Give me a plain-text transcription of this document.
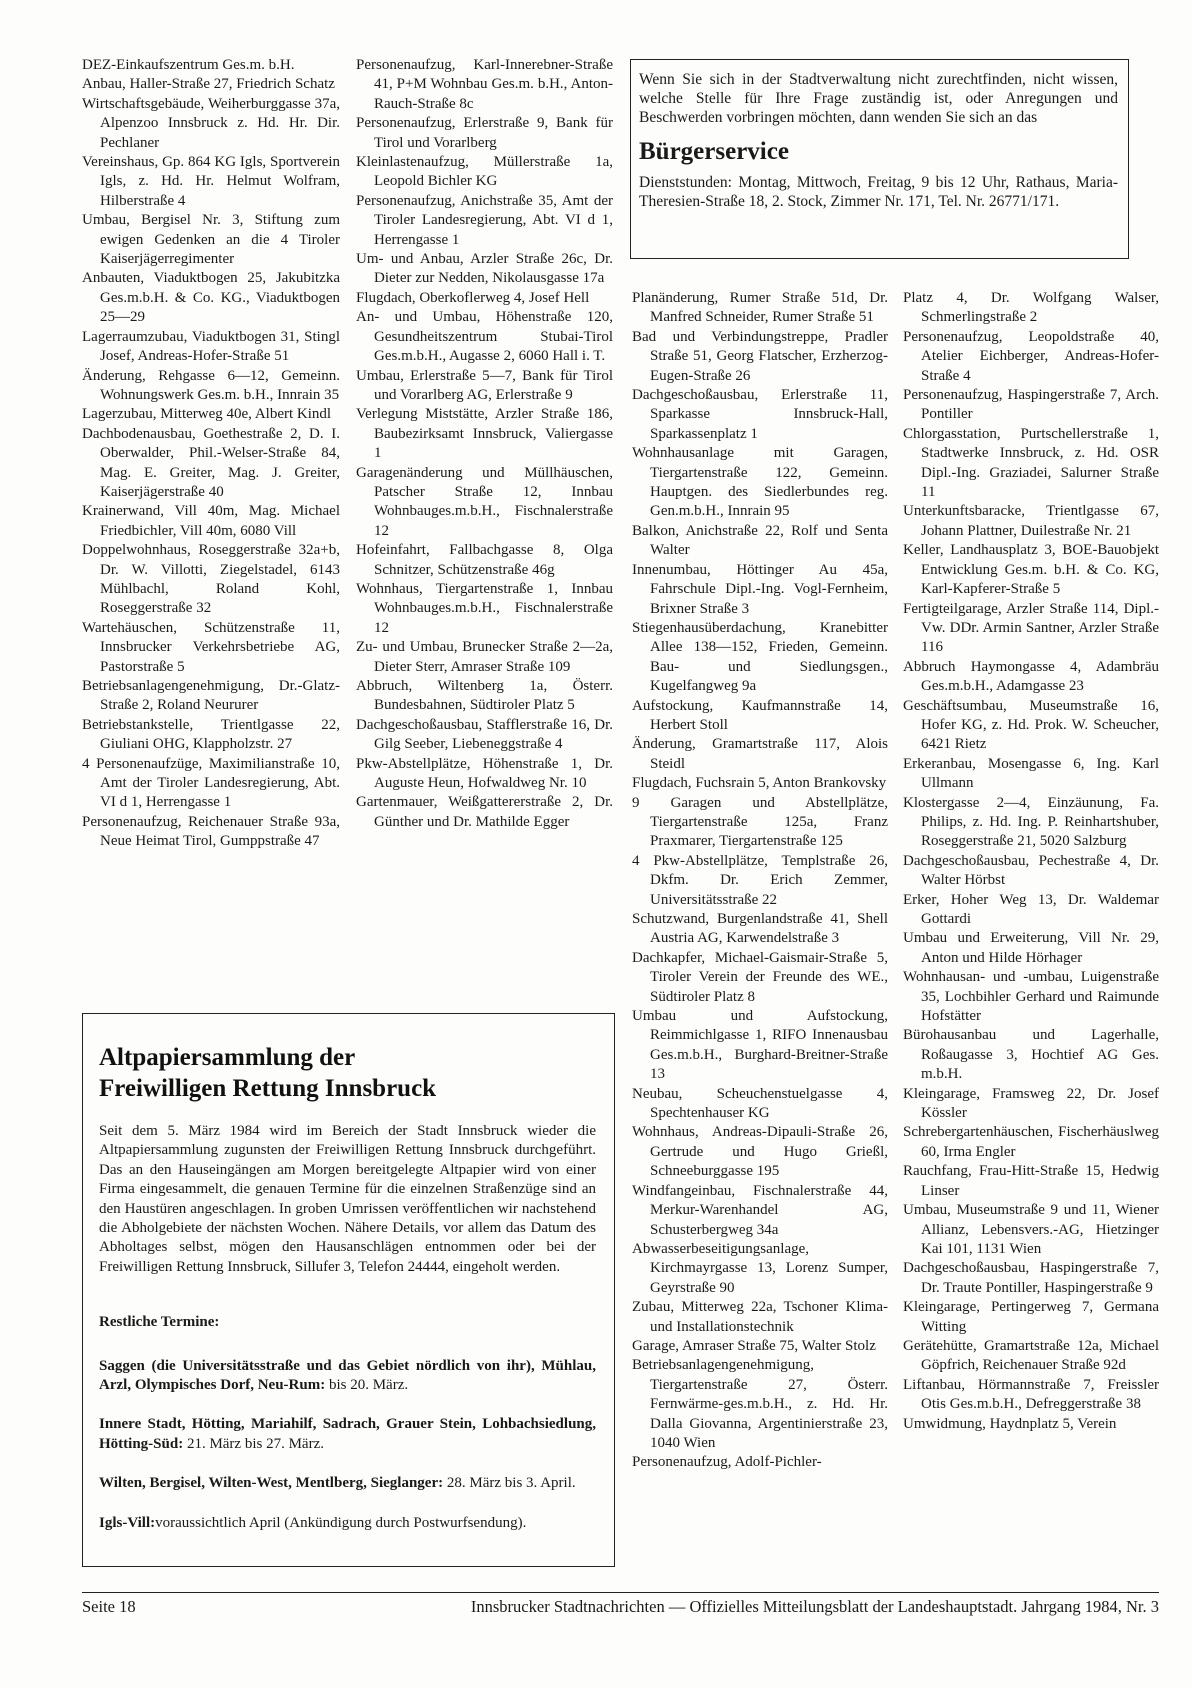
DEZ-Einkaufszentrum Ges.m. b.H.

Anbau, Haller-Straße 27, Friedrich Schatz

Wirtschaftsgebäude, Weiherburggasse 37a, Alpenzoo Innsbruck z. Hd. Hr. Dir. Pechlaner

Vereinshaus, Gp. 864 KG Igls, Sportverein Igls, z. Hd. Hr. Helmut Wolfram, Hilberstraße 4

Umbau, Bergisel Nr. 3, Stiftung zum ewigen Gedenken an die 4 Tiroler Kaiserjägerregimenter

Anbauten, Viaduktbogen 25, Jakubitzka Ges.m.b.H. & Co. KG., Viaduktbogen 25—29

Lagerraumzubau, Viaduktbogen 31, Stingl Josef, Andreas-Hofer-Straße 51

Änderung, Rehgasse 6—12, Gemeinn. Wohnungswerk Ges.m. b.H., Innrain 35

Lagerzubau, Mitterweg 40e, Albert Kindl

Dachbodenausbau, Goethestraße 2, D. I. Oberwalder, Phil.-Welser-Straße 84, Mag. E. Greiter, Mag. J. Greiter, Kaiserjägerstraße 40

Krainerwand, Vill 40m, Mag. Michael Friedbichler, Vill 40m, 6080 Vill

Doppelwohnhaus, Roseggerstraße 32a+b, Dr. W. Villotti, Ziegelstadel, 6143 Mühlbachl, Roland Kohl, Roseggerstraße 32

Wartehäuschen, Schützenstraße 11, Innsbrucker Verkehrsbetriebe AG, Pastorstraße 5

Betriebsanlagengenehmigung, Dr.-Glatz-Straße 2, Roland Neururer

Betriebstankstelle, Trientlgasse 22, Giuliani OHG, Klappholzstr. 27

4 Personenaufzüge, Maximilianstraße 10, Amt der Tiroler Landesregierung, Abt. VI d 1, Herrengasse 1

Personenaufzug, Reichenauer Straße 93a, Neue Heimat Tirol, Gumppstraße 47

Personenaufzug, Karl-Innerebner-Straße 41, P+M Wohnbau Ges.m. b.H., Anton-Rauch-Straße 8c

Personenaufzug, Erlerstraße 9, Bank für Tirol und Vorarlberg

Kleinlastenaufzug, Müllerstraße 1a, Leopold Bichler KG

Personenaufzug, Anichstraße 35, Amt der Tiroler Landesregierung, Abt. VI d 1, Herrengasse 1

Um- und Anbau, Arzler Straße 26c, Dr. Dieter zur Nedden, Nikolausgasse 17a

Flugdach, Oberkoflerweg 4, Josef Hell

An- und Umbau, Höhenstraße 120, Gesundheitszentrum Stubai-Tirol Ges.m.b.H., Augasse 2, 6060 Hall i. T.

Umbau, Erlerstraße 5—7, Bank für Tirol und Vorarlberg AG, Erlerstraße 9

Verlegung Miststätte, Arzler Straße 186, Baubezirksamt Innsbruck, Valiergasse 1

Garagenänderung und Müllhäuschen, Patscher Straße 12, Innbau Wohnbauges.m.b.H., Fischnalerstraße 12

Hofeinfahrt, Fallbachgasse 8, Olga Schnitzer, Schützenstraße 46g

Wohnhaus, Tiergartenstraße 1, Innbau Wohnbauges.m.b.H., Fischnalerstraße 12

Zu- und Umbau, Brunecker Straße 2—2a, Dieter Sterr, Amraser Straße 109

Abbruch, Wiltenberg 1a, Österr. Bundesbahnen, Südtiroler Platz 5

Dachgeschoßausbau, Stafflerstraße 16, Dr. Gilg Seeber, Liebeneggstraße 4

Pkw-Abstellplätze, Höhenstraße 1, Dr. Auguste Heun, Hofwaldweg Nr. 10

Gartenmauer, Weißgattererstraße 2, Dr. Günther und Dr. Mathilde Egger

Wenn Sie sich in der Stadtverwaltung nicht zurechtfinden, nicht wissen, welche Stelle für Ihre Frage zuständig ist, oder Anregungen und Beschwerden vorbringen möchten, dann wenden Sie sich an das

Bürgerservice

Dienststunden: Montag, Mittwoch, Freitag, 9 bis 12 Uhr, Rathaus, Maria-Theresien-Straße 18, 2. Stock, Zimmer Nr. 171, Tel. Nr. 26771/171.

Planänderung, Rumer Straße 51d, Dr. Manfred Schneider, Rumer Straße 51

Bad und Verbindungstreppe, Pradler Straße 51, Georg Flatscher, Erzherzog-Eugen-Straße 26

Dachgeschoßausbau, Erlerstraße 11, Sparkasse Innsbruck-Hall, Sparkassenplatz 1

Wohnhausanlage mit Garagen, Tiergartenstraße 122, Gemeinn. Hauptgen. des Siedlerbundes reg. Gen.m.b.H., Innrain 95

Balkon, Anichstraße 22, Rolf und Senta Walter

Innenumbau, Höttinger Au 45a, Fahrschule Dipl.-Ing. Vogl-Fernheim, Brixner Straße 3

Stiegenhausüberdachung, Kranebitter Allee 138—152, Frieden, Gemeinn. Bau- und Siedlungsgen., Kugelfangweg 9a

Aufstockung, Kaufmannstraße 14, Herbert Stoll

Änderung, Gramartstraße 117, Alois Steidl

Flugdach, Fuchsrain 5, Anton Brankovsky

9 Garagen und Abstellplätze, Tiergartenstraße 125a, Franz Praxmarer, Tiergartenstraße 125

4 Pkw-Abstellplätze, Templstraße 26, Dkfm. Dr. Erich Zemmer, Universitätsstraße 22

Schutzwand, Burgenlandstraße 41, Shell Austria AG, Karwendelstraße 3

Dachkapfer, Michael-Gaismair-Straße 5, Tiroler Verein der Freunde des WE., Südtiroler Platz 8

Umbau und Aufstockung, Reimmichlgasse 1, RIFO Innenausbau Ges.m.b.H., Burghard-Breitner-Straße 13

Neubau, Scheuchenstuelgasse 4, Spechtenhauser KG

Wohnhaus, Andreas-Dipauli-Straße 26, Gertrude und Hugo Grießl, Schneeburggasse 195

Windfangeinbau, Fischnalerstraße 44, Merkur-Warenhandel AG, Schusterbergweg 34a

Abwasserbeseitigungsanlage, Kirchmayrgasse 13, Lorenz Sumper, Geyrstraße 90

Zubau, Mitterweg 22a, Tschoner Klima- und Installationstechnik

Garage, Amraser Straße 75, Walter Stolz

Betriebsanlagengenehmigung, Tiergartenstraße 27, Österr. Fernwärme-ges.m.b.H., z. Hd. Hr. Dalla Giovanna, Argentinierstraße 23, 1040 Wien

Personenaufzug, Adolf-Pichler-

Platz 4, Dr. Wolfgang Walser, Schmerlingstraße 2

Personenaufzug, Leopoldstraße 40, Atelier Eichberger, Andreas-Hofer-Straße 4

Personenaufzug, Haspingerstraße 7, Arch. Pontiller

Chlorgasstation, Purtschellerstraße 1, Stadtwerke Innsbruck, z. Hd. OSR Dipl.-Ing. Graziadei, Salurner Straße 11

Unterkunftsbaracke, Trientlgasse 67, Johann Plattner, Duilestraße Nr. 21

Keller, Landhausplatz 3, BOE-Bauobjekt Entwicklung Ges.m. b.H. & Co. KG, Karl-Kapferer-Straße 5

Fertigteilgarage, Arzler Straße 114, Dipl.-Vw. DDr. Armin Santner, Arzler Straße 116

Abbruch Haymongasse 4, Adambräu Ges.m.b.H., Adamgasse 23

Geschäftsumbau, Museumstraße 16, Hofer KG, z. Hd. Prok. W. Scheucher, 6421 Rietz

Erkeranbau, Mosengasse 6, Ing. Karl Ullmann

Klostergasse 2—4, Einzäunung, Fa. Philips, z. Hd. Ing. P. Reinhartshuber, Roseggerstraße 21, 5020 Salzburg

Dachgeschoßausbau, Pechestraße 4, Dr. Walter Hörbst

Erker, Hoher Weg 13, Dr. Waldemar Gottardi

Umbau und Erweiterung, Vill Nr. 29, Anton und Hilde Hörhager

Wohnhausan- und -umbau, Luigenstraße 35, Lochbihler Gerhard und Raimunde Hofstätter

Bürohausanbau und Lagerhalle, Roßaugasse 3, Hochtief AG Ges. m.b.H.

Kleingarage, Framsweg 22, Dr. Josef Kössler

Schrebergartenhäuschen, Fischerhäuslweg 60, Irma Engler

Rauchfang, Frau-Hitt-Straße 15, Hedwig Linser

Umbau, Museumstraße 9 und 11, Wiener Allianz, Lebensvers.-AG, Hietzinger Kai 101, 1131 Wien

Dachgeschoßausbau, Haspingerstraße 7, Dr. Traute Pontiller, Haspingerstraße 9

Kleingarage, Pertingerweg 7, Germana Witting

Gerätehütte, Gramartstraße 12a, Michael Göpfrich, Reichenauer Straße 92d

Liftanbau, Hörmannstraße 7, Freissler Otis Ges.m.b.H., Defreggerstraße 38

Umwidmung, Haydnplatz 5, Verein

Altpapiersammlung der
Freiwilligen Rettung Innsbruck

Seit dem 5. März 1984 wird im Bereich der Stadt Innsbruck wieder die Altpapiersammlung zugunsten der Freiwilligen Rettung Innsbruck durchgeführt. Das an den Hauseingängen am Morgen bereitgelegte Altpapier wird von einer Firma eingesammelt, die genauen Termine für die einzelnen Straßenzüge sind an den Haustüren angeschlagen. In groben Umrissen veröffentlichen wir nachstehend die Abholgebiete der nächsten Wochen. Nähere Details, vor allem das Datum des Abholtages selbst, mögen den Hausanschlägen entnommen oder bei der Freiwilligen Rettung Innsbruck, Sillufer 3, Telefon 24444, eingeholt werden.

Restliche Termine:

Saggen (die Universitätsstraße und das Gebiet nördlich von ihr), Mühlau, Arzl, Olympisches Dorf, Neu-Rum: bis 20. März.

Innere Stadt, Hötting, Mariahilf, Sadrach, Grauer Stein, Lohbachsiedlung, Hötting-Süd: 21. März bis 27. März.

Wilten, Bergisel, Wilten-West, Mentlberg, Sieglanger: 28. März bis 3. April.

Igls-Vill:voraussichtlich April (Ankündigung durch Postwurfsendung).

Seite 18	Innsbrucker Stadtnachrichten — Offizielles Mitteilungsblatt der Landeshauptstadt. Jahrgang 1984, Nr. 3
